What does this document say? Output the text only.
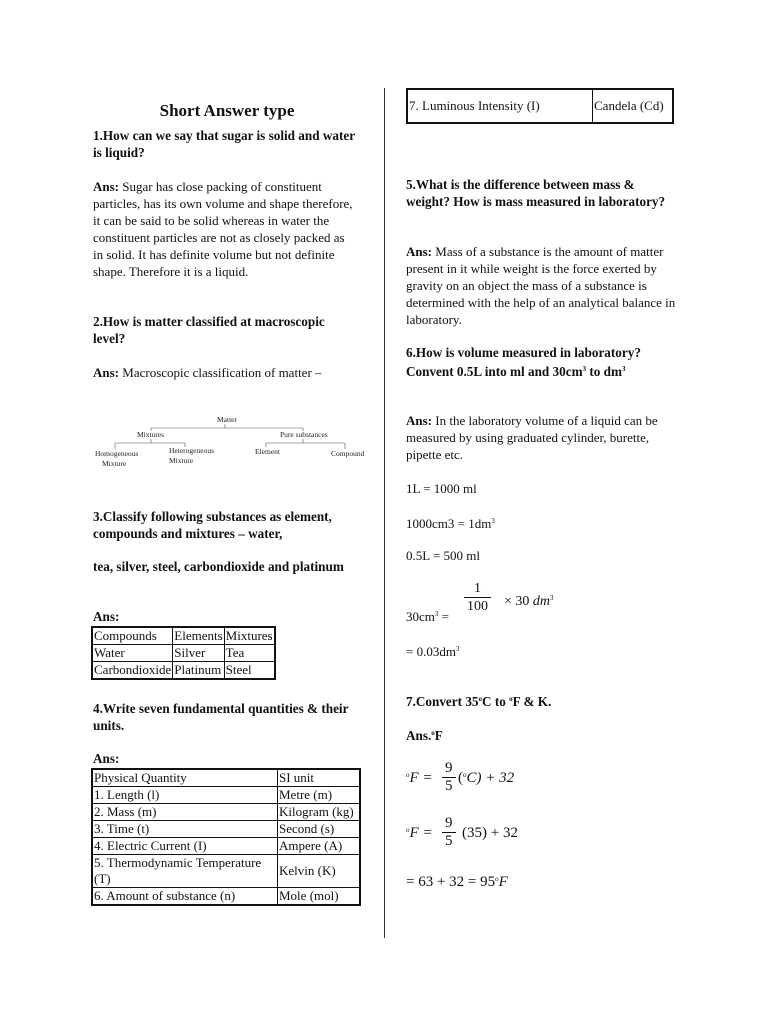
Short Answer type

1.How can we say that sugar is solid and water is liquid?

Ans: Sugar has close packing of constituent particles, has its own volume and shape therefore, it can be said to be solid whereas in water the constituent particles are not as closely packed as in solid. It has definite volume but not definite shape. Therefore it is a liquid.

2.How is matter classified at macroscopic level?

Ans: Macroscopic classification of matter –

Matter
Mixtures	Pure substances
Homogeneous
Mixture
Heterogeneous
Mixture
Element	Compound

3.Classify following substances as element, compounds and mixtures – water,

tea, silver, steel, carbondioxide and platinum

Ans:

Compounds	Elements	Mixtures
Water	Silver	Tea
Carbondioxide	Platinum	Steel

4.Write seven fundamental quantities & their units.

Ans:

Physical Quantity	SI unit
1. Length (l)	Metre (m)
2. Mass (m)	Kilogram (kg)
3. Time (t)	Second (s)
4. Electric Current (I)	Ampere (A)
5. Thermodynamic Temperature (T)	Kelvin (K)
6. Amount of substance (n)	Mole (mol)
7. Luminous Intensity (I)	Candela (Cd)

5.What is the difference between mass & weight? How is mass measured in laboratory?

Ans: Mass of a substance is the amount of matter present in it while weight is the force exerted by gravity on an object the mass of a substance is determined with the help of an analytical balance in laboratory.

6.How is volume measured in laboratory? Convent 0.5L into ml and $30cm^3$ to $dm^3$

Ans: In the laboratory volume of a liquid can be measured by using graduated cylinder, burette, pipette etc.

1L = 1000 ml

$1000cm3 = 1dm^3$

0.5L = 500 ml

$30cm^3$ =
$\frac{1}{100} \times 30$ $dm^3$

= $0.03dm^3$

7.Convert 35$^o$C to $^o$F & K.

Ans.$^o$F

$^oF = \frac{9}{5} (^oC) + 32$
$^oF = \frac{9}{5} (35) + 32$
= $63 + 32 = 95^oF$
